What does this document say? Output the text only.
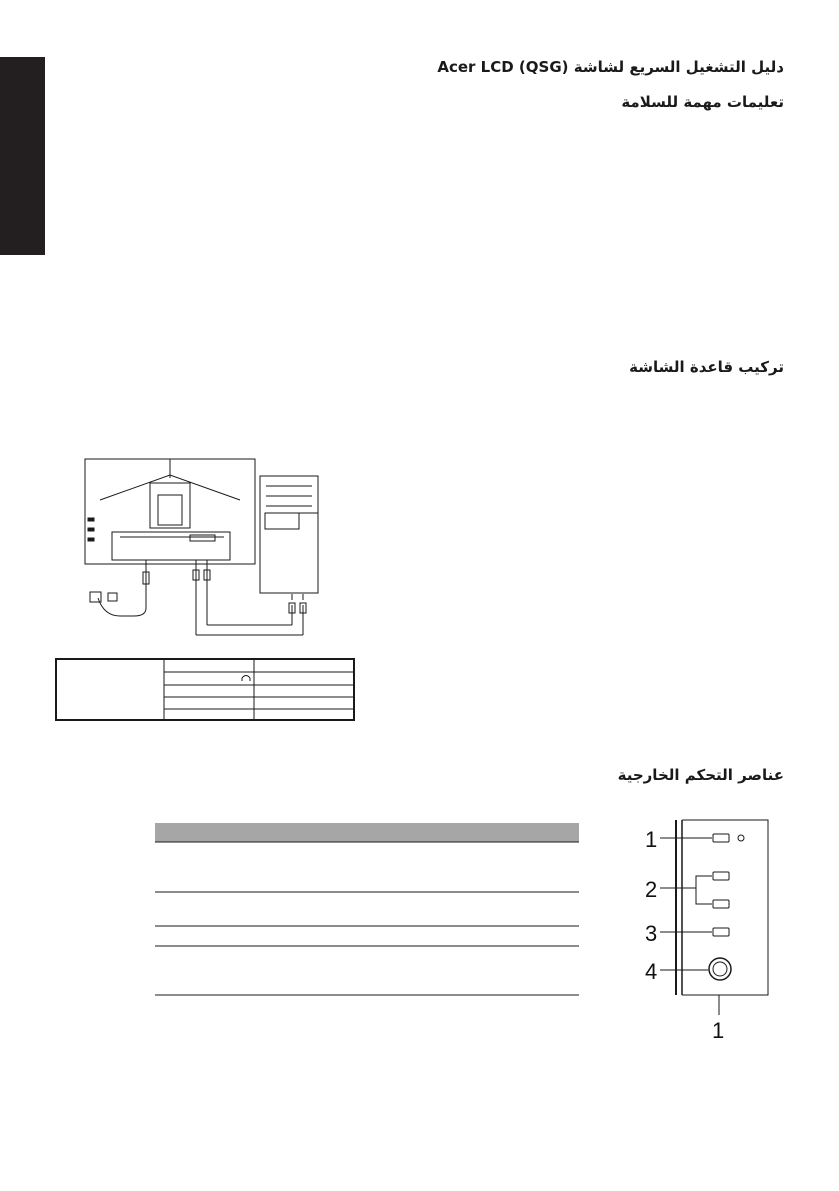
دليل التشغيل السريع لشاشة Acer LCD (QSG)
تعليمات مهمة للسلامة
تركيب قاعدة الشاشة
عناصر التحكم الخارجية
1
2
3
4
1
